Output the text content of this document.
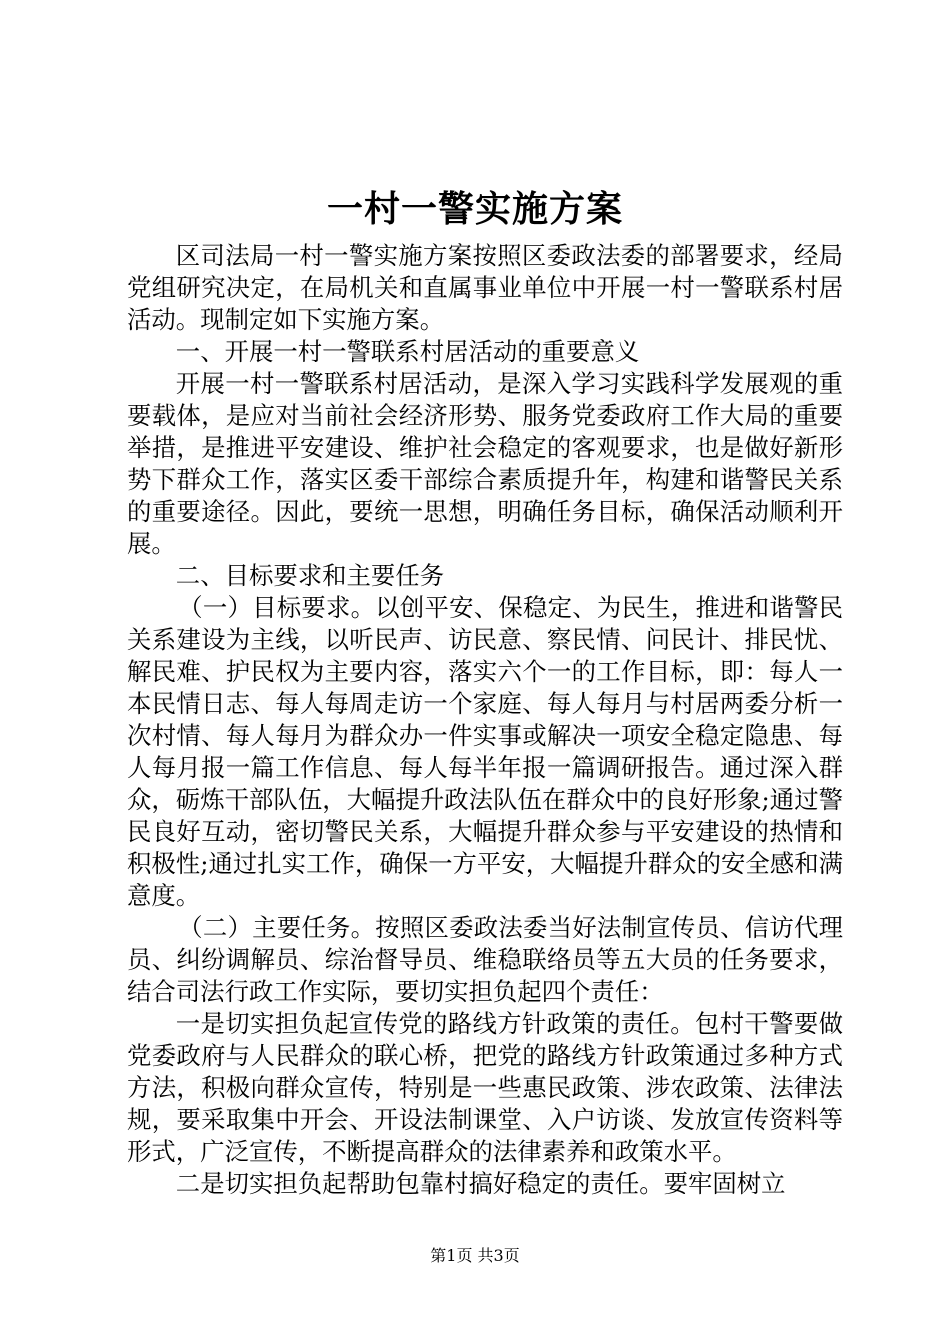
一村一警实施方案

区司法局一村一警实施方案按照区委政法委的部署要求，经局党组研究决定，在局机关和直属事业单位中开展一村一警联系村居活动。现制定如下实施方案。

一、开展一村一警联系村居活动的重要意义

开展一村一警联系村居活动，是深入学习实践科学发展观的重要载体，是应对当前社会经济形势、服务党委政府工作大局的重要举措，是推进平安建设、维护社会稳定的客观要求，也是做好新形势下群众工作，落实区委干部综合素质提升年，构建和谐警民关系的重要途径。因此，要统一思想，明确任务目标，确保活动顺利开展。

二、目标要求和主要任务

（一）目标要求。以创平安、保稳定、为民生，推进和谐警民关系建设为主线，以听民声、访民意、察民情、问民计、排民忧、解民难、护民权为主要内容，落实六个一的工作目标，即：每人一本民情日志、每人每周走访一个家庭、每人每月与村居两委分析一次村情、每人每月为群众办一件实事或解决一项安全稳定隐患、每人每月报一篇工作信息、每人每半年报一篇调研报告。通过深入群众，砺炼干部队伍，大幅提升政法队伍在群众中的良好形象;通过警民良好互动，密切警民关系，大幅提升群众参与平安建设的热情和积极性;通过扎实工作，确保一方平安，大幅提升群众的安全感和满意度。

（二）主要任务。按照区委政法委当好法制宣传员、信访代理员、纠纷调解员、综治督导员、维稳联络员等五大员的任务要求，结合司法行政工作实际，要切实担负起四个责任：

一是切实担负起宣传党的路线方针政策的责任。包村干警要做党委政府与人民群众的联心桥，把党的路线方针政策通过多种方式方法，积极向群众宣传，特别是一些惠民政策、涉农政策、法律法规，要采取集中开会、开设法制课堂、入户访谈、发放宣传资料等形式，广泛宣传，不断提高群众的法律素养和政策水平。

二是切实担负起帮助包靠村搞好稳定的责任。要牢固树立

第1页 共3页
